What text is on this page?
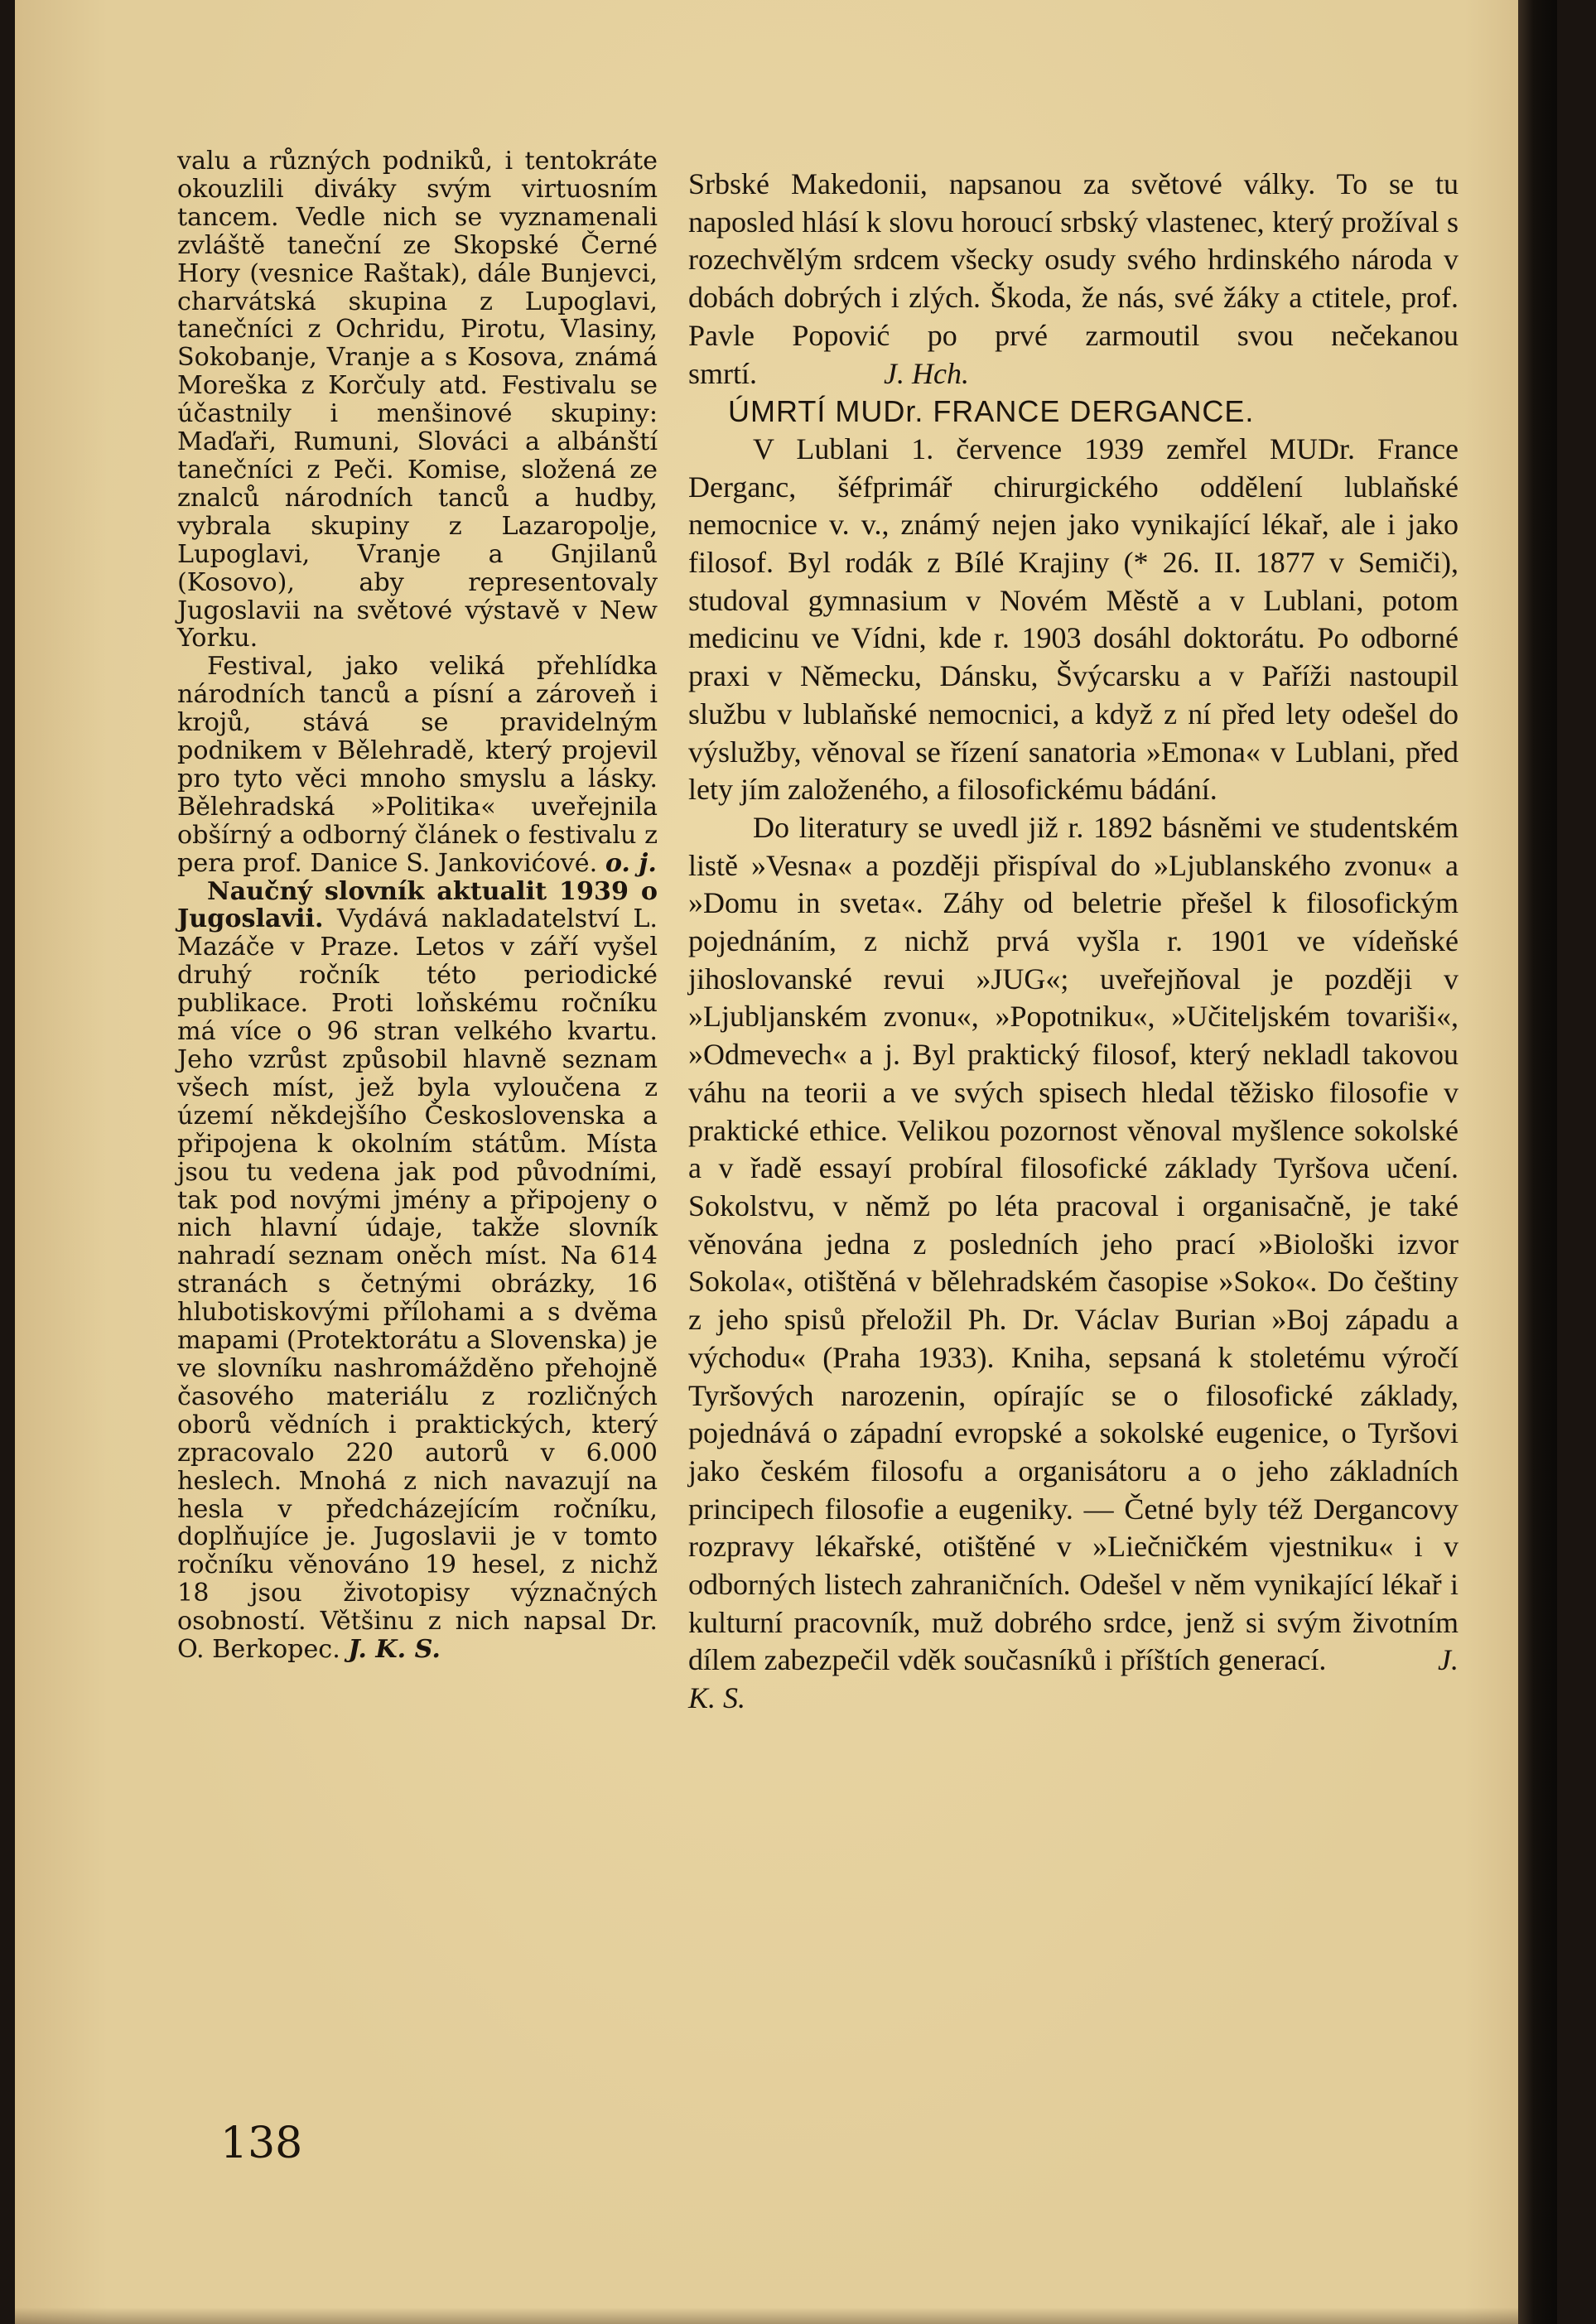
valu a různých podniků, i tentokráte okouzlili diváky svým virtuosním tancem. Vedle nich se vyznamenali zvláště taneční ze Skopské Černé Hory (vesnice Raštak), dále Bunjevci, charvátská skupina z Lupoglavi, tanečníci z Ochridu, Pirotu, Vlasiny, Sokobanje, Vranje a s Kosova, známá Moreška z Korčuly atd. Festivalu se účastnily i menšinové skupiny: Maďaři, Rumuni, Slováci a albánští tanečníci z Peči. Komise, složená ze znalců národních tanců a hudby, vybrala skupiny z Lazaropolje, Lupoglavi, Vranje a Gnjilanů (Kosovo), aby representovaly Jugoslavii na světové výstavě v New Yorku.

Festival, jako veliká přehlídka národních tanců a písní a zároveň i krojů, stává se pravidelným podnikem v Bělehradě, který projevil pro tyto věci mnoho smyslu a lásky. Bělehradská »Politika« uveřejnila obšírný a odborný článek o festivalu z pera prof. Danice S. Jankovićové. o. j.

Naučný slovník aktualit 1939 o Jugoslavii. Vydává nakladatelství L. Mazáče v Praze. Letos v září vyšel druhý ročník této periodické publikace. Proti loňskému ročníku má více o 96 stran velkého kvartu. Jeho vzrůst způsobil hlavně seznam všech míst, jež byla vyloučena z území někdejšího Československa a připojena k okolním státům. Místa jsou tu vedena jak pod původními, tak pod novými jmény a připojeny o nich hlavní údaje, takže slovník nahradí seznam oněch míst. Na 614 stranách s četnými obrázky, 16 hlubotiskovými přílohami a s dvěma mapami (Protektorátu a Slovenska) je ve slovníku nashromážděno přehojně časového materiálu z rozličných oborů vědních i praktických, který zpracovalo 220 autorů v 6.000 heslech. Mnohá z nich navazují na hesla v předcházejícím ročníku, doplňujíce je. Jugoslavii je v tomto ročníku věnováno 19 hesel, z nichž 18 jsou životopisy význačných osobností. Většinu z nich napsal Dr. O. Berkopec. J. K. S.

Srbské Makedonii, napsanou za světové války. To se tu naposled hlásí k slovu horoucí srbský vlastenec, který prožíval s rozechvělým srdcem všecky osudy svého hrdinského národa v dobách dobrých i zlých. Škoda, že nás, své žáky a ctitele, prof. Pavle Popović po prvé zarmoutil svou nečekanou smrtí.	J. Hch.

ÚMRTÍ MUDr. FRANCE DERGANCE.

V Lublani 1. července 1939 zemřel MUDr. France Derganc, šéfprimář chirurgického oddělení lublaňské nemocnice v. v., známý nejen jako vynikající lékař, ale i jako filosof. Byl rodák z Bílé Krajiny (* 26. II. 1877 v Semiči), studoval gymnasium v Novém Městě a v Lublani, potom medicinu ve Vídni, kde r. 1903 dosáhl doktorátu. Po odborné praxi v Německu, Dánsku, Švýcarsku a v Paříži nastoupil službu v lublaňské nemocnici, a když z ní před lety odešel do výslužby, věnoval se řízení sanatoria »Emona« v Lublani, před lety jím založeného, a filosofickému bádání.

Do literatury se uvedl již r. 1892 básněmi ve studentském listě »Vesna« a později přispíval do »Ljublanského zvonu« a »Domu in sveta«. Záhy od beletrie přešel k filosofickým pojednáním, z nichž prvá vyšla r. 1901 ve vídeňské jihoslovanské revui »JUG«; uveřejňoval je později v »Ljubljanském zvonu«, »Popotniku«, »Učiteljském tovariši«, »Odmevech« a j. Byl praktický filosof, který nekladl takovou váhu na teorii a ve svých spisech hledal těžisko filosofie v praktické ethice. Velikou pozornost věnoval myšlence sokolské a v řadě essayí probíral filosofické základy Tyršova učení. Sokolstvu, v němž po léta pracoval i organisačně, je také věnována jedna z posledních jeho prací »Biološki izvor Sokola«, otištěná v bělehradském časopise »Soko«. Do češtiny z jeho spisů přeložil Ph. Dr. Václav Burian »Boj západu a východu« (Praha 1933). Kniha, sepsaná k stoletému výročí Tyršových narozenin, opírajíc se o filosofické základy, pojednává o západní evropské a sokolské eugenice, o Tyršovi jako českém filosofu a organisátoru a o jeho základních principech filosofie a eugeniky. — Četné byly též Dergancovy rozpravy lékařské, otištěné v »Liečničkém vjestniku« i v odborných listech zahraničních. Odešel v něm vynikající lékař i kulturní pracovník, muž dobrého srdce, jenž si svým životním dílem zabezpečil vděk současníků i příštích generací.	J. K. S.

138
